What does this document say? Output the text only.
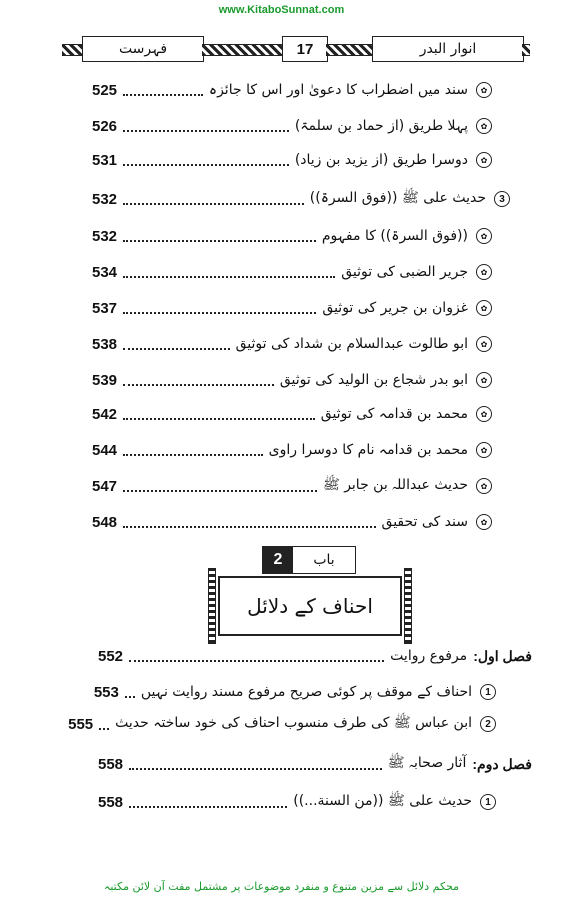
www.KitaboSunnat.com
فہرست	17	انوار البدر
✿
سند میں اضطراب کا دعویٰ اور اس کا جائزہ
525
✿
پہلا طریق (از حماد بن سلمۃ)
526
✿
دوسرا طریق (از یزید بن زیاد)
531
3
حدیث علی ﷺ ((فوق السرۃ))
532
✿
((فوق السرۃ)) کا مفہوم
532
✿
جریر الضبی کی توثیق
534
✿
غزوان بن جریر کی توثیق
537
✿
ابو طالوت عبدالسلام بن شداد کی توثیق
538
✿
ابو بدر شجاع بن الولید کی توثیق
539
✿
محمد بن قدامہ کی توثیق
542
✿
محمد بن قدامہ نام کا دوسرا راوی
544
✿
حدیث عبداللہ بن جابر ﷺ
547
✿
سند کی تحقیق
548
باب
2
احناف کے دلائل
فصل اول:
مرفوع روایت
552
1
احناف کے موقف پر کوئی صریح مرفوع مسند روایت نہیں
553
2
ابن عباس ﷺ کی طرف منسوب احناف کی خود ساختہ حدیث
555
فصل دوم:
آثار صحابہ ﷺ
558
1
حدیث علی ﷺ ((من السنة...))
558
محکم دلائل سے مزین متنوع و منفرد موضوعات پر مشتمل مفت آن لائن مکتبہ
